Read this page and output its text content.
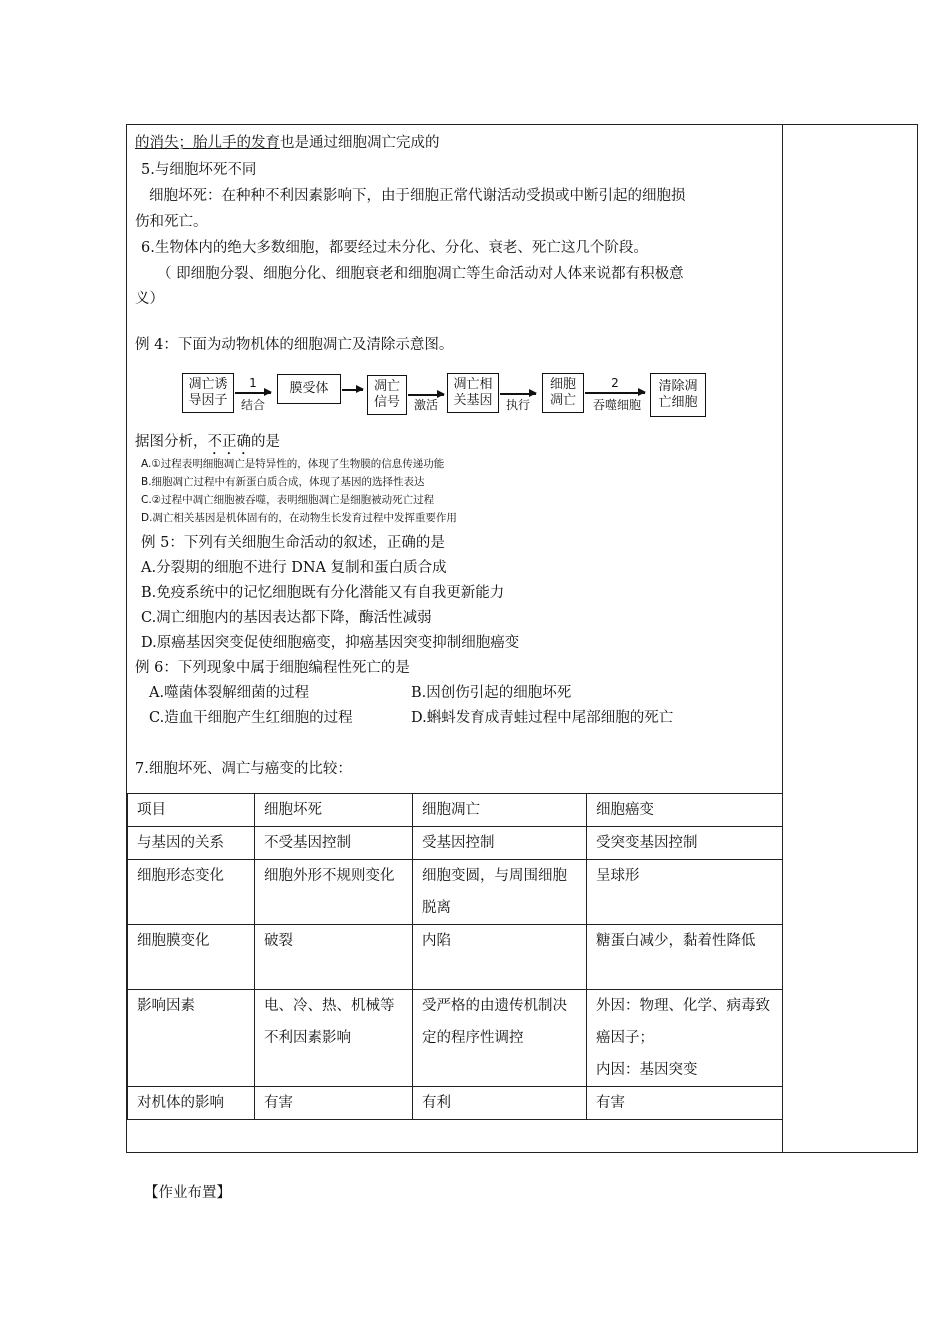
的消失；胎儿手的发育也是通过细胞凋亡完成的
5.与细胞坏死不同
细胞坏死：在种种不利因素影响下，由于细胞正常代谢活动受损或中断引起的细胞损
伤和死亡。
6.生物体内的绝大多数细胞，都要经过未分化、分化、衰老、死亡这几个阶段。
（ 即细胞分裂、细胞分化、细胞衰老和细胞凋亡等生命活动对人体来说都有积极意
义）
例 4：下面为动物机体的细胞凋亡及清除示意图。
凋亡诱
导因子
1
结合
膜受体	凋亡
信号	激活
凋亡相
关基因	执行
细胞
凋亡
2
吞噬细胞
清除凋
亡细胞
据图分析，不正确的是
A.①过程表明细胞凋亡是特异性的，体现了生物膜的信息传递功能
B.细胞凋亡过程中有新蛋白质合成，体现了基因的选择性表达
C.②过程中凋亡细胞被吞噬，表明细胞凋亡是细胞被动死亡过程
D.凋亡相关基因是机体固有的，在动物生长发育过程中发挥重要作用
例 5：下列有关细胞生命活动的叙述，正确的是
A.分裂期的细胞不进行 DNA 复制和蛋白质合成
B.免疫系统中的记忆细胞既有分化潜能又有自我更新能力
C.凋亡细胞内的基因表达都下降，酶活性减弱
D.原癌基因突变促使细胞癌变，抑癌基因突变抑制细胞癌变
例 6：下列现象中属于细胞编程性死亡的是
A.噬菌体裂解细菌的过程	B.因创伤引起的细胞坏死
C.造血干细胞产生红细胞的过程	D.蝌蚪发育成青蛙过程中尾部细胞的死亡
7.细胞坏死、凋亡与癌变的比较：
项目	细胞坏死	细胞凋亡	细胞癌变
与基因的关系	不受基因控制	受基因控制	受突变基因控制
细胞形态变化	细胞外形不规则变化	细胞变圆，与周围细胞脱离	呈球形
细胞膜变化	破裂	内陷	糖蛋白减少，黏着性降低
影响因素	电、冷、热、机械等不利因素影响	受严格的由遗传机制决定的程序性调控	外因：物理、化学、病毒致癌因子；
内因：基因突变

对机体的影响	有害	有利	有害
【作业布置】
